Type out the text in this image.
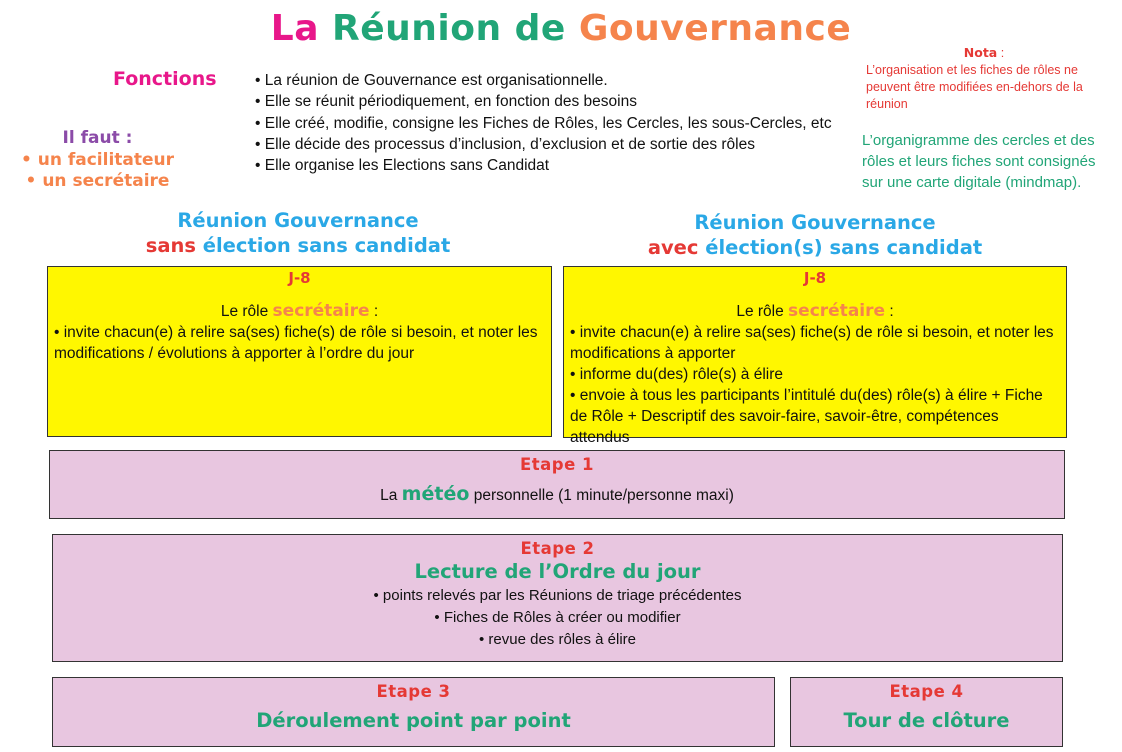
La Réunion de Gouvernance
Fonctions
•	La réunion de Gouvernance est organisationnelle.
• Elle se réunit périodiquement, en fonction des besoins
• Elle créé, modifie, consigne les Fiches de Rôles, les Cercles, les sous-Cercles, etc
• Elle décide des processus d’inclusion, d’exclusion et de sortie des rôles
• Elle organise les Elections sans Candidat
Il faut :
• un facilitateur
• un secrétaire
Nota :
L’organisation et les fiches de rôles ne peuvent être modifiées en-dehors de la réunion
L’organigramme des cercles et des rôles et leurs fiches sont consignés sur une carte digitale (mindmap).
Réunion Gouvernance
sans élection sans candidat
Réunion Gouvernance
avec élection(s) sans candidat
J-8
Le rôle secrétaire :
• invite chacun(e) à relire sa(ses) fiche(s) de rôle si besoin, et noter les modifications / évolutions à apporter à l’ordre du jour
J-8
Le rôle secrétaire :
• invite chacun(e) à relire sa(ses) fiche(s) de rôle si besoin, et noter les modifications à apporter
• informe du(des) rôle(s) à élire
• envoie à tous les participants l’intitulé du(des) rôle(s) à élire + Fiche de Rôle + Descriptif des savoir-faire, savoir-être, compétences attendus
Etape 1
La météo personnelle (1 minute/personne maxi)
Etape 2
Lecture de l’Ordre du jour
• points relevés par les Réunions de triage précédentes
• Fiches de Rôles à créer ou modifier
• revue des rôles à élire
Etape 3
Déroulement point par point
Etape 4
Tour de clôture
